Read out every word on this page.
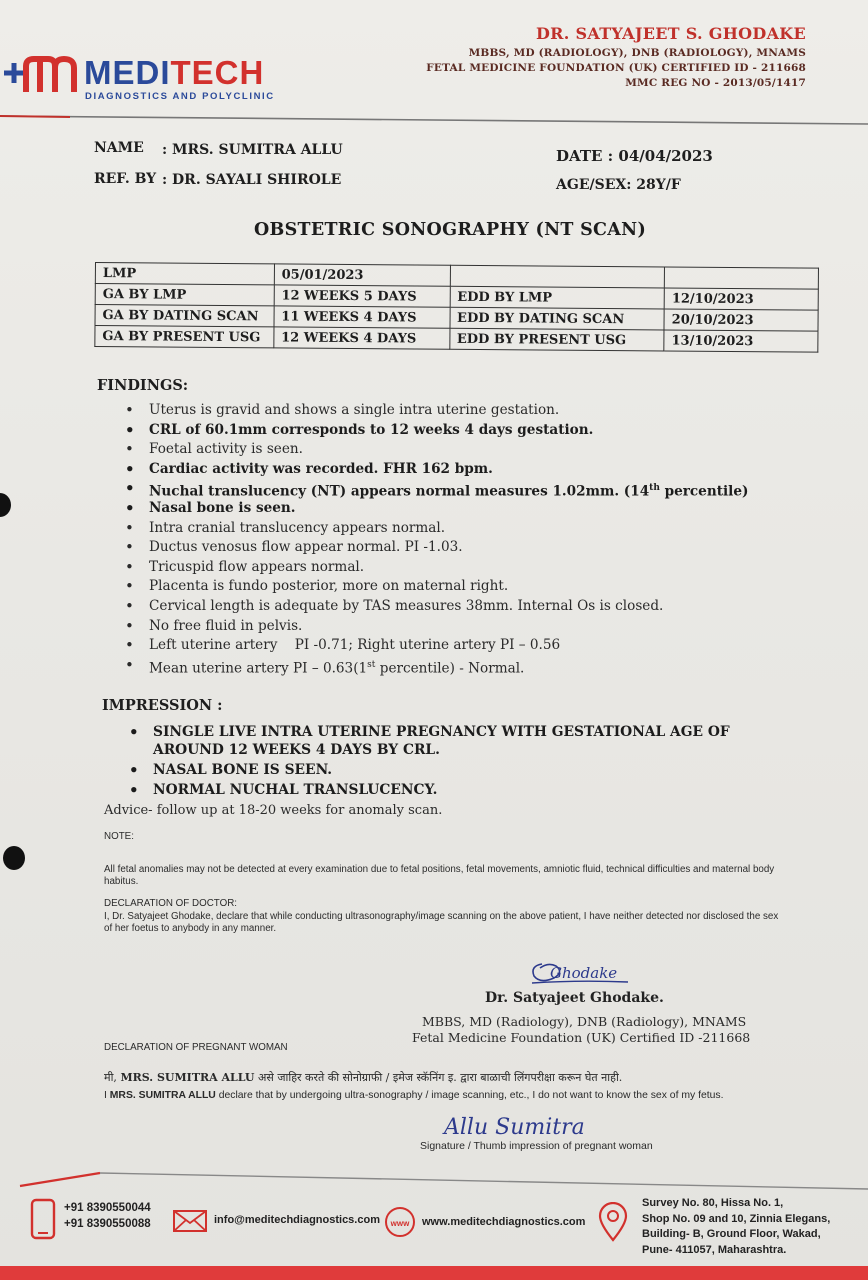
MEDITECH
DIAGNOSTICS AND POLYCLINIC
DR. SATYAJEET S. GHODAKE
MBBS, MD (RADIOLOGY), DNB (RADIOLOGY), MNAMS
FETAL MEDICINE FOUNDATION (UK) CERTIFIED ID - 211668
MMC REG NO - 2013/05/1417
NAME : MRS. SUMITRA ALLU
REF. BY : DR. SAYALI SHIROLE
DATE : 04/04/2023
AGE/SEX: 28Y/F
OBSTETRIC SONOGRAPHY (NT SCAN)
LMP	05/01/2023		
GA BY LMP	12 WEEKS 5 DAYS	EDD BY LMP	12/10/2023
GA BY DATING SCAN	11 WEEKS 4 DAYS	EDD BY DATING SCAN	20/10/2023
GA BY PRESENT USG	12 WEEKS 4 DAYS	EDD BY PRESENT USG	13/10/2023
FINDINGS:
• Uterus is gravid and shows a single intra uterine gestation.
• CRL of 60.1mm corresponds to 12 weeks 4 days gestation.
• Foetal activity is seen.
• Cardiac activity was recorded. FHR 162 bpm.
• Nuchal translucency (NT) appears normal measures 1.02mm. (14th percentile)
• Nasal bone is seen.
• Intra cranial translucency appears normal.
• Ductus venosus flow appear normal. PI -1.03.
• Tricuspid flow appears normal.
• Placenta is fundo posterior, more on maternal right.
• Cervical length is adequate by TAS measures 38mm. Internal Os is closed.
• No free fluid in pelvis.
• Left uterine artery    PI -0.71; Right uterine artery PI – 0.56
• Mean uterine artery PI – 0.63(1st percentile) - Normal.
IMPRESSION :
• SINGLE LIVE INTRA UTERINE PREGNANCY WITH GESTATIONAL AGE OF AROUND 12 WEEKS 4 DAYS BY CRL.
• NASAL BONE IS SEEN.
• NORMAL NUCHAL TRANSLUCENCY.
Advice- follow up at 18-20 weeks for anomaly scan.
NOTE:
All fetal anomalies may not be detected at every examination due to fetal positions, fetal movements, amniotic fluid, technical difficulties and maternal body habitus.
DECLARATION OF DOCTOR:
I, Dr. Satyajeet Ghodake, declare that while conducting ultrasonography/image scanning on the above patient, I have neither detected nor disclosed the sex of her foetus to anybody in any manner.
Ghodake
Dr. Satyajeet Ghodake.
MBBS, MD (Radiology), DNB (Radiology), MNAMS
Fetal Medicine Foundation (UK) Certified ID -211668
DECLARATION OF PREGNANT WOMAN
मी, MRS. SUMITRA ALLU असे जाहिर करते की सोनोग्राफी / इमेज स्कॅनिंग इ. द्वारा बाळाची लिंगपरीक्षा करून घेत नाही.
I MRS. SUMITRA ALLU declare that by undergoing ultra-sonography / image scanning, etc., I do not want to know the sex of my fetus.
Allu Sumitra
Signature / Thumb impression of pregnant woman
+91 8390550044
+91 8390550088	info@meditechdiagnostics.com www www.meditechdiagnostics.com
Survey No. 80, Hissa No. 1,
Shop No. 09 and 10, Zinnia Elegans,
Building- B, Ground Floor, Wakad,
Pune- 411057, Maharashtra.
